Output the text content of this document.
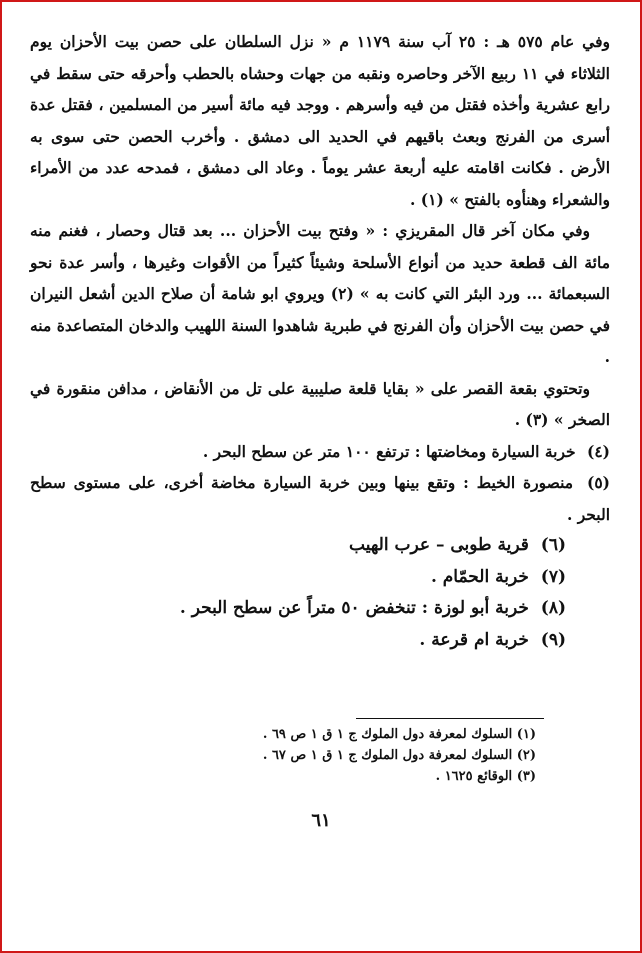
وفي عام ٥٧٥ هـ : ٢٥ آب سنة ١١٧٩ م « نزل السلطان على حصن بيت الأحزان يوم الثلاثاء في ١١ ربيع الآخر وحاصره ونقبه من جهات وحشاه بالحطب وأحرقه حتى سقط في رابع عشرية وأخذه فقتل من فيه وأسرهم . ووجد فيه مائة أسير من المسلمين ، فقتل عدة أسرى من الفرنج وبعث باقيهم في الحديد الى دمشق . وأخرب الحصن حتى سوى به الأرض . فكانت اقامته عليه أربعة عشر يوماً . وعاد الى دمشق ، فمدحه عدد من الأمراء والشعراء وهنأوه بالفتح » (١) .

وفي مكان آخر قال المقريزي : « وفتح بيت الأحزان ... بعد قتال وحصار ، فغنم منه مائة الف قطعة حديد من أنواع الأسلحة وشيئاً كثيراً من الأقوات وغيرها ، وأسر عدة نحو السبعمائة ... ورد البئر التي كانت به » (٢) ويروي ابو شامة أن صلاح الدين أشعل النيران في حصن بيت الأحزان وأن الفرنج في طبرية شاهدوا السنة اللهيب والدخان المتصاعدة منه .

وتحتوي بقعة القصر على « بقايا قلعة صليبية على تل من الأنقاض ، مدافن منقورة في الصخر » (٣) .

(٤) خربة السيارة ومخاضتها : ترتفع ١٠٠ متر عن سطح البحر .

(٥) منصورة الخيط : وتقع بينها وبين خربة السيارة مخاضة أخرى، على مستوى سطح البحر .

(٦) قرية طوبى – عرب الهيب

(٧) خربة الحمّام .

(٨) خربة أبو لوزة : تنخفض ٥٠ متراً عن سطح البحر .

(٩) خربة ام قرعة .

(١) السلوك لمعرفة دول الملوك ج ١ ق ١ ص ٦٩ .

(٢) السلوك لمعرفة دول الملوك ج ١ ق ١ ص ٦٧ .

(٣) الوقائع ١٦٢٥ .

٦١
